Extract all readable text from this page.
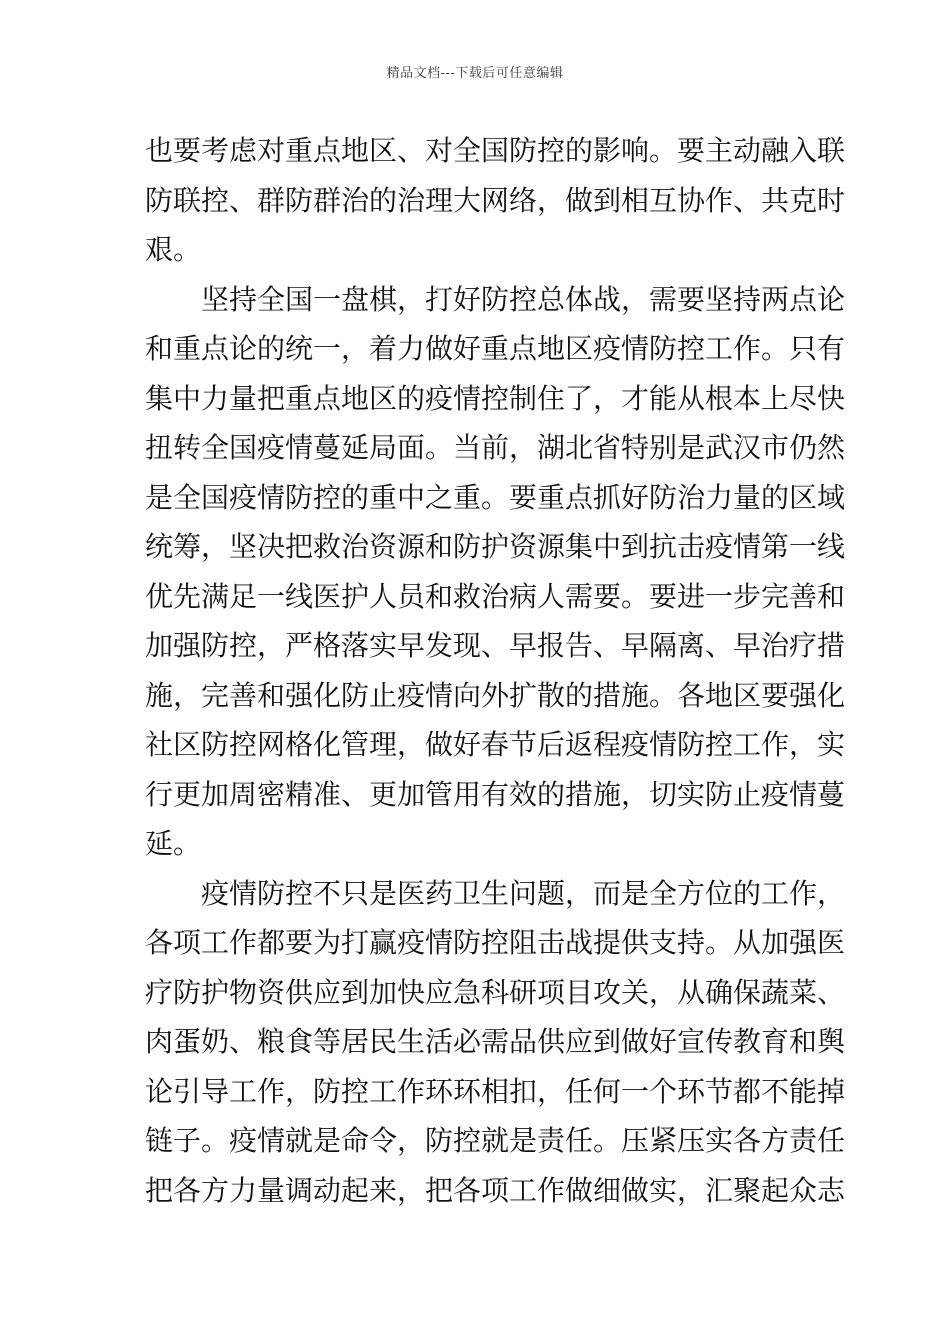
精品文档---下载后可任意编辑
也要考虑对重点地区、对全国防控的影响。要主动融入联
防联控、群防群治的治理大网络，做到相互协作、共克时
艰。
坚持全国一盘棋，打好防控总体战，需要坚持两点论
和重点论的统一，着力做好重点地区疫情防控工作。只有
集中力量把重点地区的疫情控制住了，才能从根本上尽快
扭转全国疫情蔓延局面。当前，湖北省特别是武汉市仍然
是全国疫情防控的重中之重。要重点抓好防治力量的区域
统筹，坚决把救治资源和防护资源集中到抗击疫情第一线
优先满足一线医护人员和救治病人需要。要进一步完善和
加强防控，严格落实早发现、早报告、早隔离、早治疗措
施，完善和强化防止疫情向外扩散的措施。各地区要强化
社区防控网格化管理，做好春节后返程疫情防控工作，实
行更加周密精准、更加管用有效的措施，切实防止疫情蔓
延。
疫情防控不只是医药卫生问题，而是全方位的工作，
各项工作都要为打赢疫情防控阻击战提供支持。从加强医
疗防护物资供应到加快应急科研项目攻关，从确保蔬菜、
肉蛋奶、粮食等居民生活必需品供应到做好宣传教育和舆
论引导工作，防控工作环环相扣，任何一个环节都不能掉
链子。疫情就是命令，防控就是责任。压紧压实各方责任
把各方力量调动起来，把各项工作做细做实，汇聚起众志
